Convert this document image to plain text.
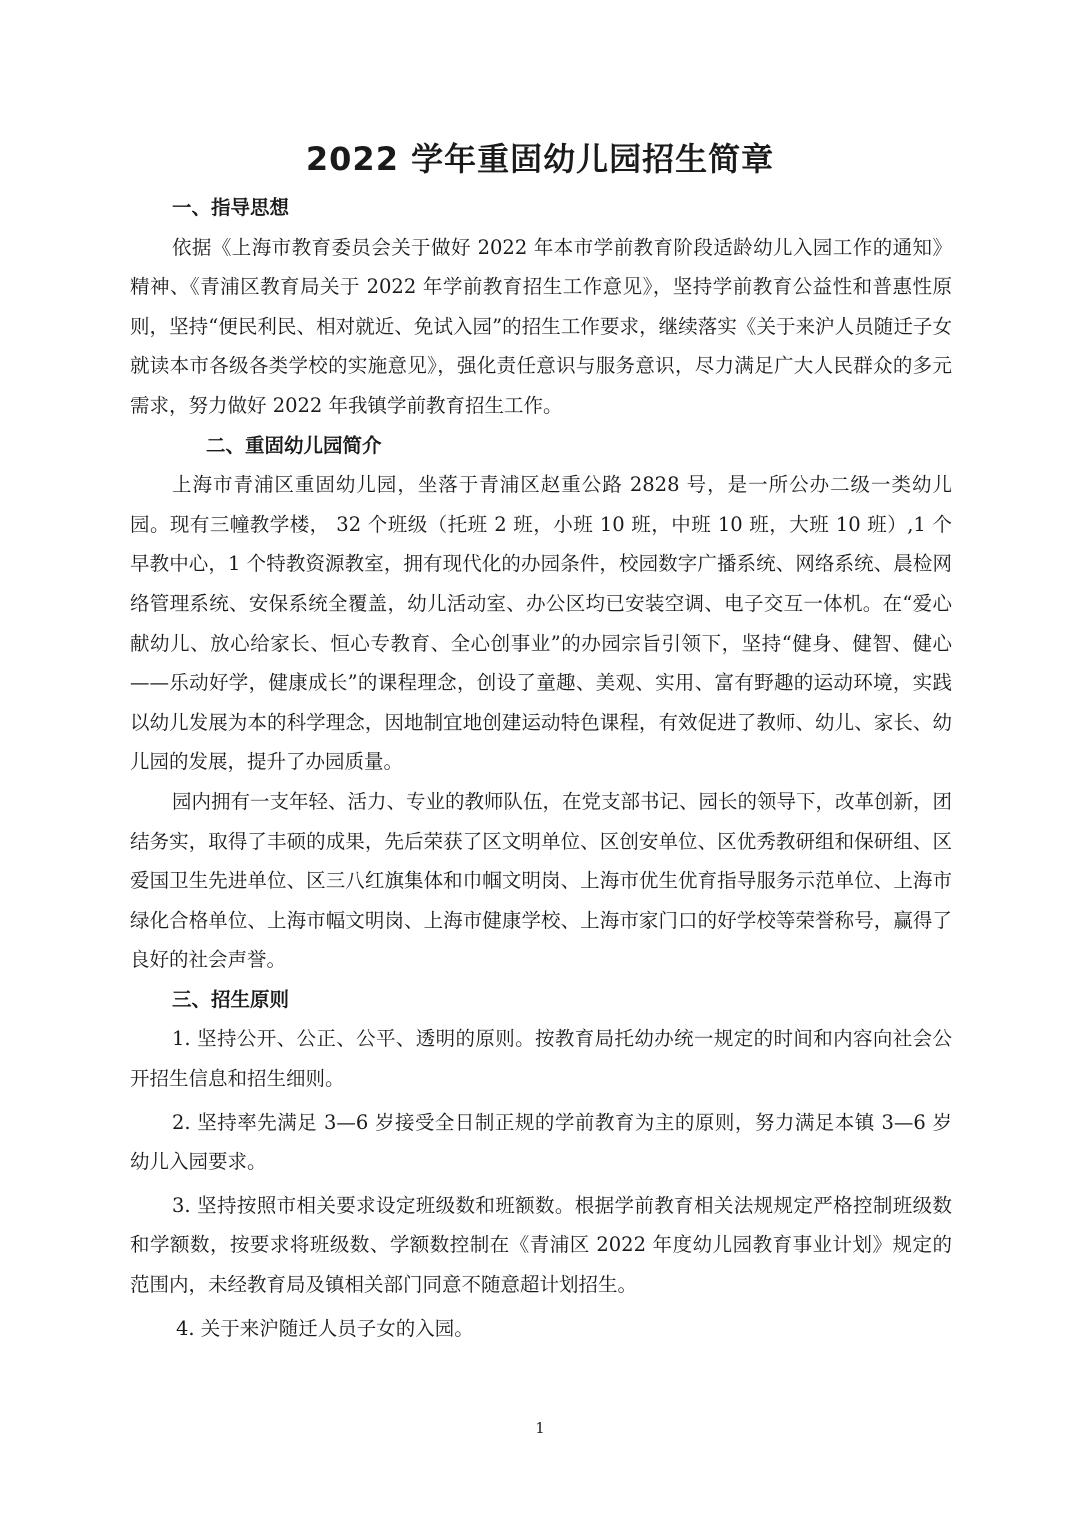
2022 学年重固幼儿园招生简章
一、指导思想

依据《上海市教育委员会关于做好 2022 年本市学前教育阶段适龄幼儿入园工作的通知》精神、《青浦区教育局关于 2022 年学前教育招生工作意见》，坚持学前教育公益性和普惠性原则，坚持“便民利民、相对就近、免试入园”的招生工作要求，继续落实《关于来沪人员随迁子女就读本市各级各类学校的实施意见》，强化责任意识与服务意识，尽力满足广大人民群众的多元需求，努力做好 2022 年我镇学前教育招生工作。

二、重固幼儿园简介

上海市青浦区重固幼儿园，坐落于青浦区赵重公路 2828 号，是一所公办二级一类幼儿园。现有三幢教学楼， 32 个班级（托班 2 班，小班 10 班，中班 10 班，大班 10 班）,1 个早教中心，1 个特教资源教室，拥有现代化的办园条件，校园数字广播系统、网络系统、晨检网络管理系统、安保系统全覆盖，幼儿活动室、办公区均已安装空调、电子交互一体机。在“爱心献幼儿、放心给家长、恒心专教育、全心创事业”的办园宗旨引领下，坚持“健身、健智、健心——乐动好学，健康成长”的课程理念，创设了童趣、美观、实用、富有野趣的运动环境，实践以幼儿发展为本的科学理念，因地制宜地创建运动特色课程，有效促进了教师、幼儿、家长、幼儿园的发展，提升了办园质量。

园内拥有一支年轻、活力、专业的教师队伍，在党支部书记、园长的领导下，改革创新，团结务实，取得了丰硕的成果，先后荣获了区文明单位、区创安单位、区优秀教研组和保研组、区爱国卫生先进单位、区三八红旗集体和巾帼文明岗、上海市优生优育指导服务示范单位、上海市绿化合格单位、上海市幅文明岗、上海市健康学校、上海市家门口的好学校等荣誉称号，赢得了良好的社会声誉。

三、招生原则

1. 坚持公开、公正、公平、透明的原则。按教育局托幼办统一规定的时间和内容向社会公开招生信息和招生细则。

2. 坚持率先满足 3—6 岁接受全日制正规的学前教育为主的原则，努力满足本镇 3—6 岁幼儿入园要求。

3. 坚持按照市相关要求设定班级数和班额数。根据学前教育相关法规规定严格控制班级数和学额数，按要求将班级数、学额数控制在《青浦区 2022 年度幼儿园教育事业计划》规定的范围内，未经教育局及镇相关部门同意不随意超计划招生。

4. 关于来沪随迁人员子女的入园。

1
